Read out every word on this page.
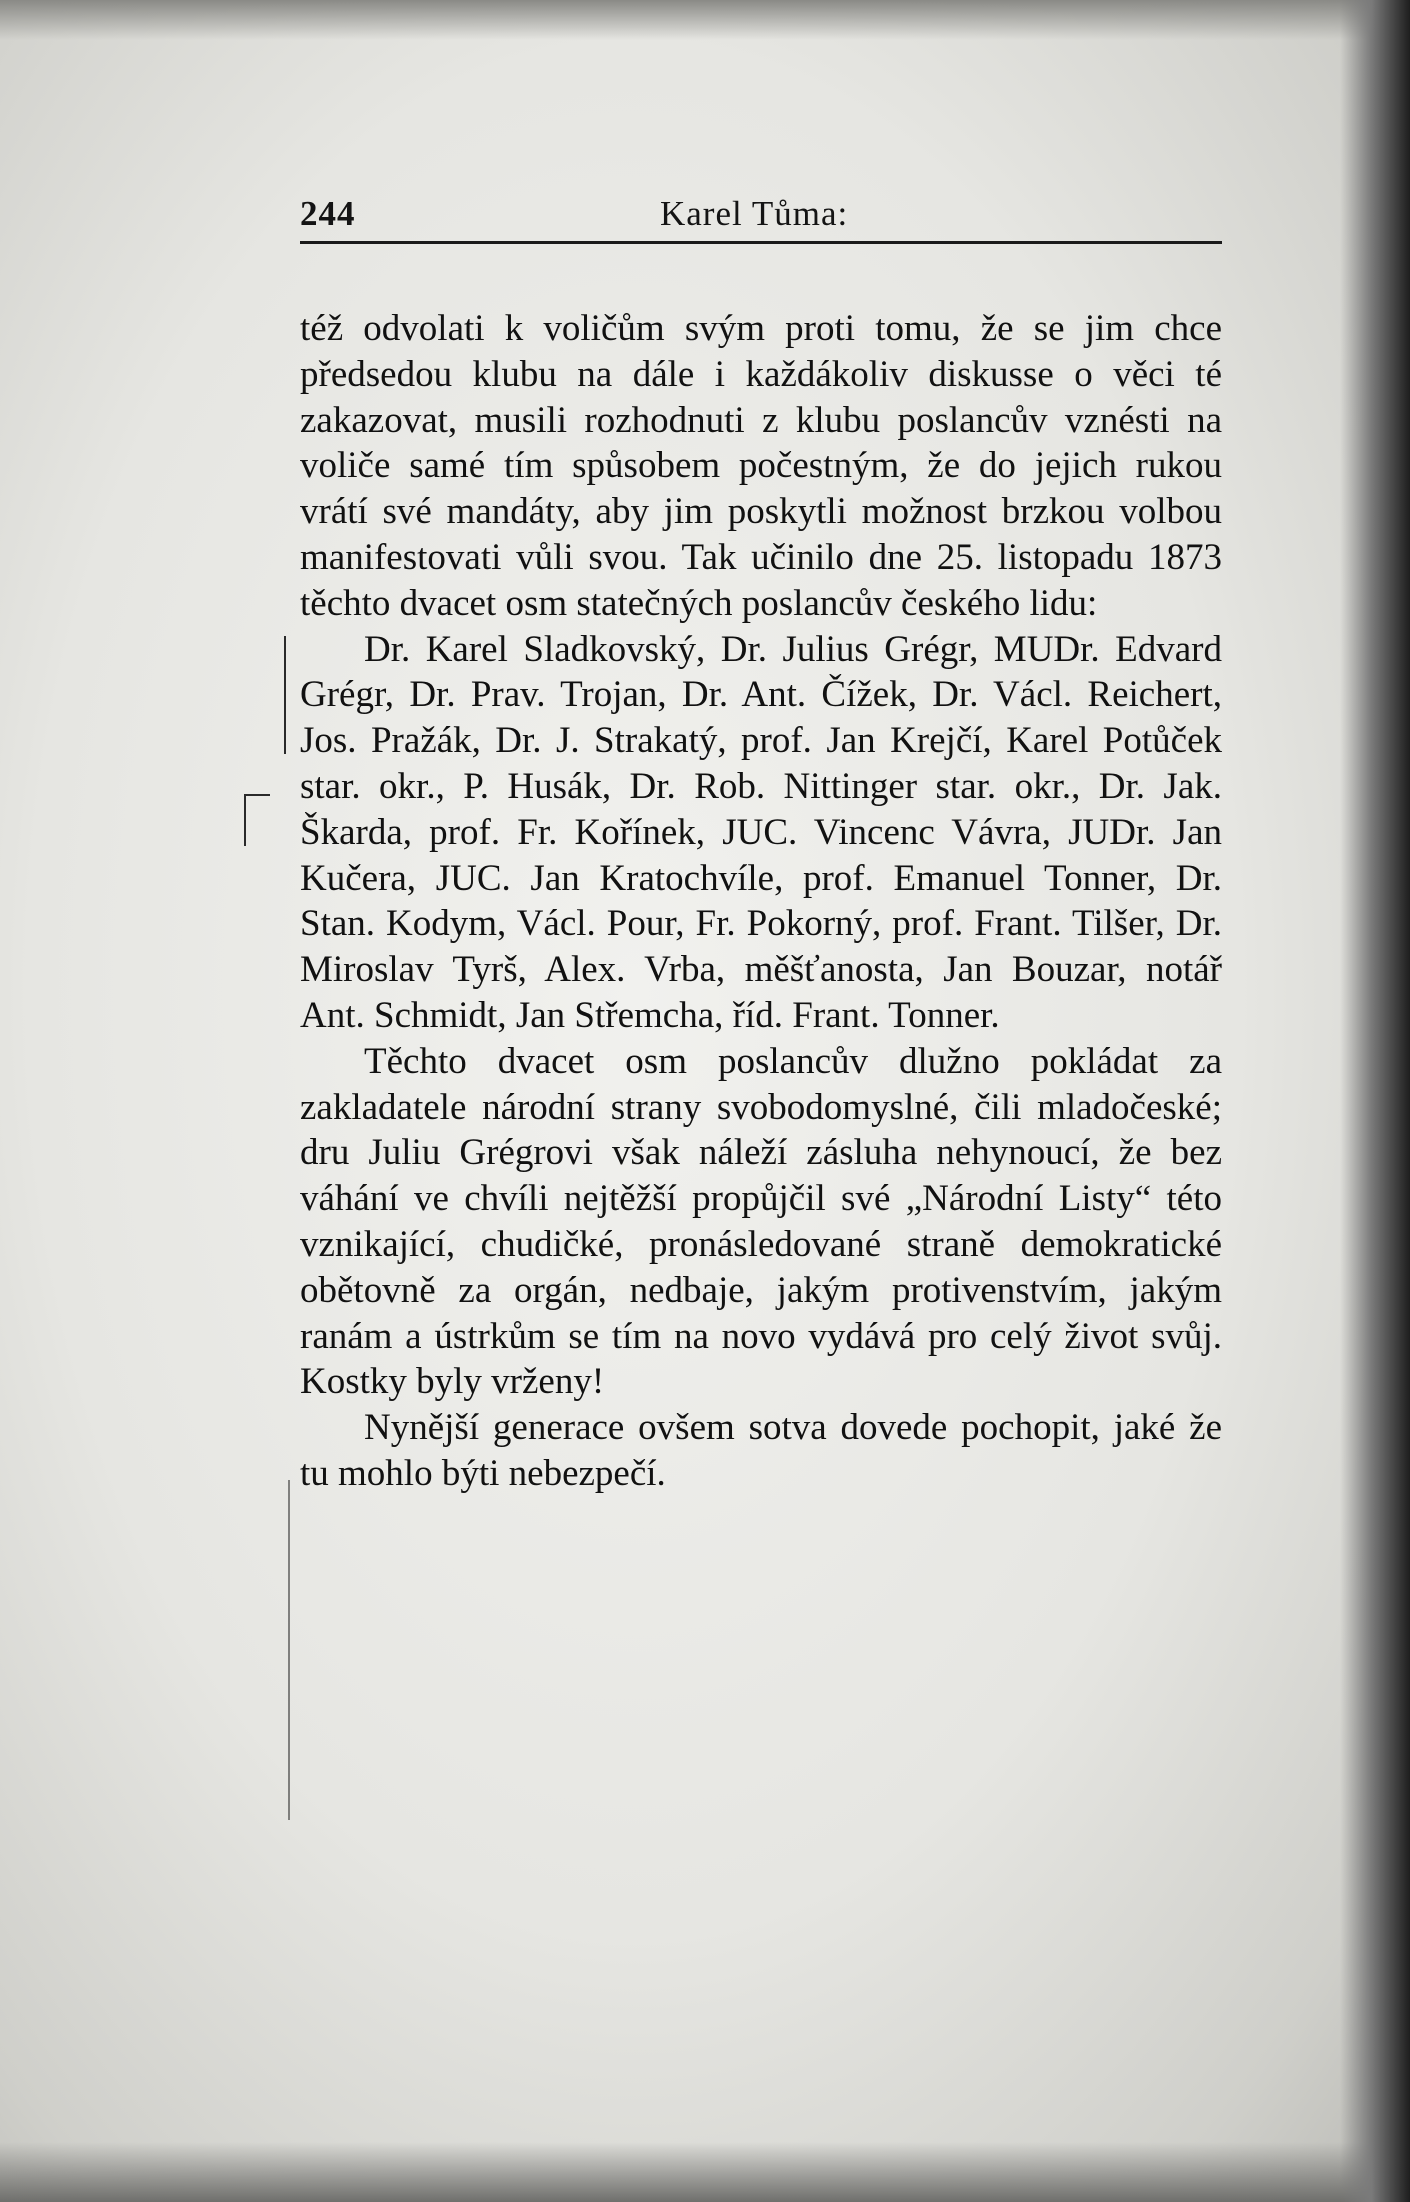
244	Karel Tůma:

též odvolati k voličům svým proti tomu, že se jim chce předsedou klubu na dále i každákoliv diskusse o věci té zakazovat, musili rozhodnuti z klubu poslancův vznésti na voliče samé tím spůsobem počestným, že do jejich rukou vrátí své mandáty, aby jim poskytli možnost brzkou volbou manifestovati vůli svou. Tak učinilo dne 25. listopadu 1873 těchto dvacet osm statečných poslancův českého lidu:

Dr. Karel Sladkovský, Dr. Julius Grégr, MUDr. Edvard Grégr, Dr. Prav. Trojan, Dr. Ant. Čížek, Dr. Václ. Reichert, Jos. Pražák, Dr. J. Strakatý, prof. Jan Krejčí, Karel Potůček star. okr., P. Husák, Dr. Rob. Nittinger star. okr., Dr. Jak. Škarda, prof. Fr. Kořínek, JUC. Vincenc Vávra, JUDr. Jan Kučera, JUC. Jan Kratochvíle, prof. Emanuel Tonner, Dr. Stan. Kodym, Václ. Pour, Fr. Pokorný, prof. Frant. Tilšer, Dr. Miroslav Tyrš, Alex. Vrba, měšťanosta, Jan Bouzar, notář Ant. Schmidt, Jan Střemcha, říd. Frant. Tonner.

Těchto dvacet osm poslancův dlužno pokládat za zakladatele národní strany svobodomyslné, čili mladočeské; dru Juliu Grégrovi však náleží zásluha nehynoucí, že bez váhání ve chvíli nejtěžší propůjčil své „Národní Listy“ této vznikající, chudičké, pronásledované straně demokratické obětovně za orgán, nedbaje, jakým protivenstvím, jakým ranám a ústrkům se tím na novo vydává pro celý život svůj. Kostky byly vrženy!

Nynější generace ovšem sotva dovede pochopit, jaké že tu mohlo býti nebezpečí.
